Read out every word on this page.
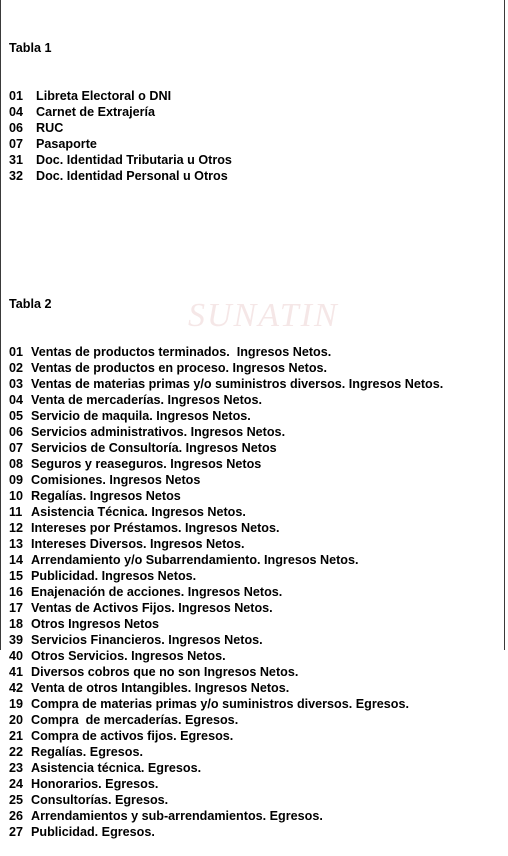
SUNATIN

Tabla 1

01	Libreta Electoral o DNI
04	Carnet de Extrajería
06	RUC
07	Pasaporte
31	Doc. Identidad Tributaria u Otros
32	Doc. Identidad Personal u Otros

Tabla 2

01 Ventas de productos terminados.  Ingresos Netos.
02 Ventas de productos en proceso. Ingresos Netos.
03 Ventas de materias primas y/o suministros diversos. Ingresos Netos.
04 Venta de mercaderías. Ingresos Netos.
05 Servicio de maquila. Ingresos Netos.
06 Servicios administrativos. Ingresos Netos.
07 Servicios de Consultoría. Ingresos Netos
08 Seguros y reaseguros. Ingresos Netos
09 Comisiones. Ingresos Netos
10 Regalías. Ingresos Netos
11 Asistencia Técnica. Ingresos Netos.
12 Intereses por Préstamos. Ingresos Netos.
13 Intereses Diversos. Ingresos Netos.
14 Arrendamiento y/o Subarrendamiento. Ingresos Netos.
15 Publicidad. Ingresos Netos.
16 Enajenación de acciones. Ingresos Netos.
17 Ventas de Activos Fijos. Ingresos Netos.
18 Otros Ingresos Netos
39 Servicios Financieros. Ingresos Netos.
40 Otros Servicios. Ingresos Netos.
41 Diversos cobros que no son Ingresos Netos.
42 Venta de otros Intangibles. Ingresos Netos.
19 Compra de materias primas y/o suministros diversos. Egresos.
20 Compra  de mercaderías. Egresos.
21 Compra de activos fijos. Egresos.
22 Regalías. Egresos.
23 Asistencia técnica. Egresos.
24 Honorarios. Egresos.
25 Consultorías. Egresos.
26 Arrendamientos y sub-arrendamientos. Egresos.
27 Publicidad. Egresos.
